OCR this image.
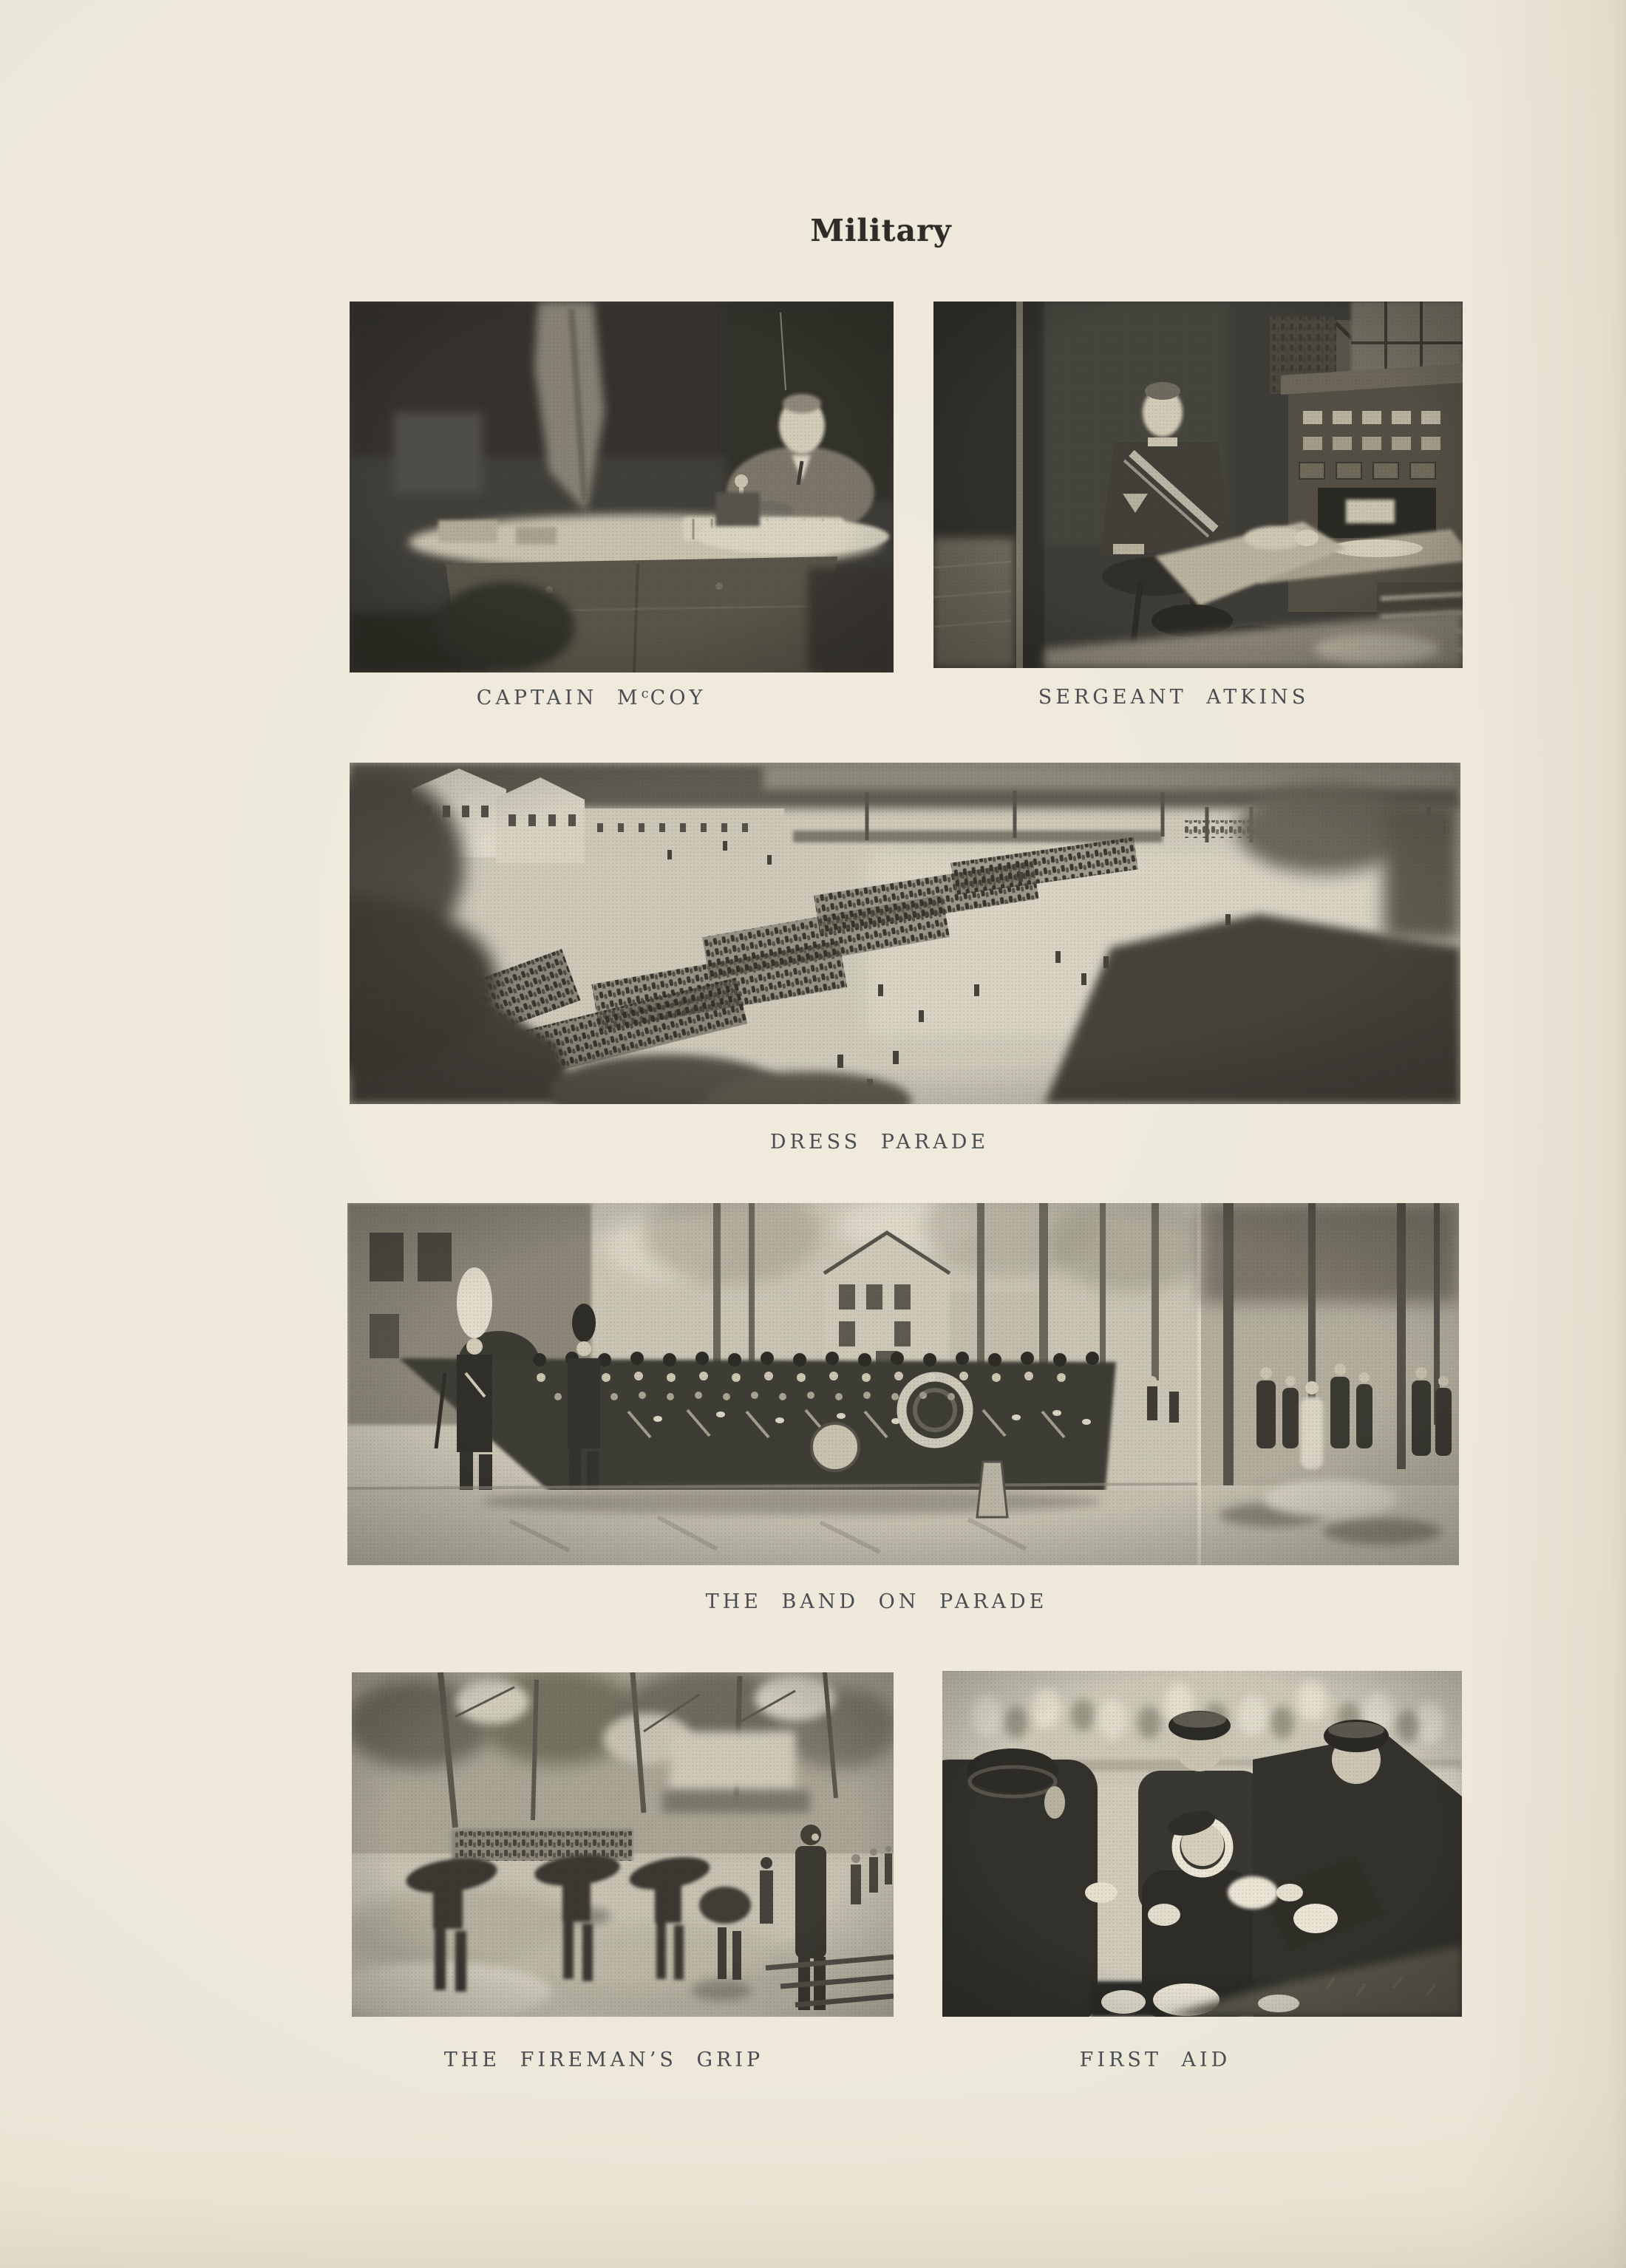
Military
CAPTAIN $M^cCOY$	SERGEANT ATKINS
DRESS PARADE
THE BAND ON PARADE
THE FIREMAN’S GRIP	FIRST AID
